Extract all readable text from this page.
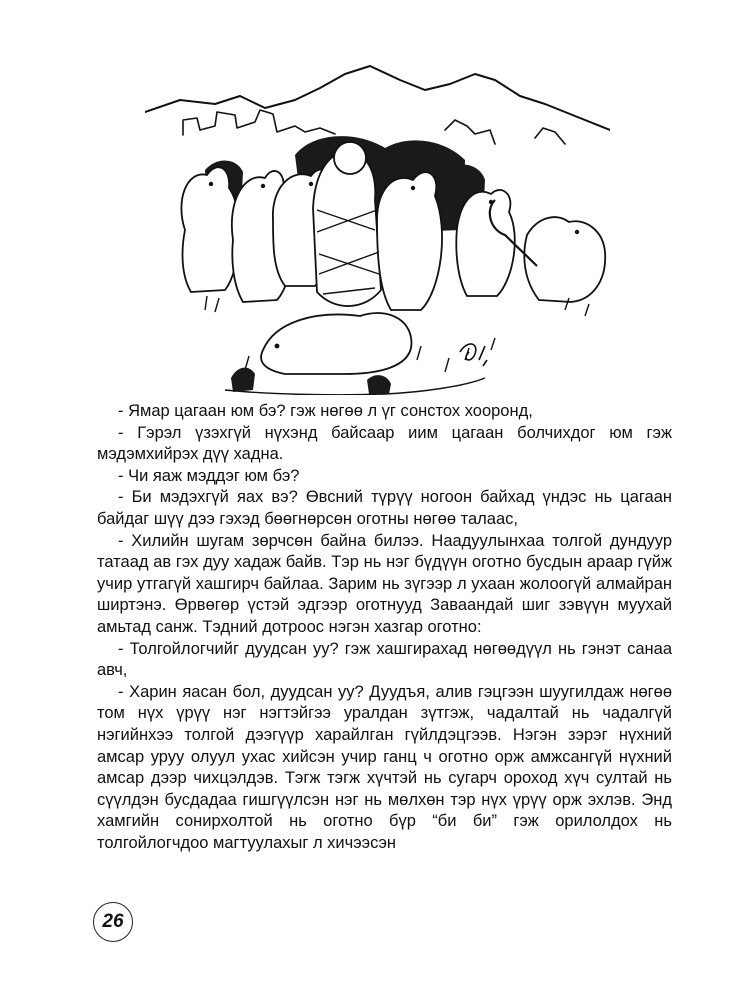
- Ямар цагаан юм бэ? гэж нөгөө л үг сонстох хооронд,

- Гэрэл үзэхгүй нүхэнд байсаар иим цагаан болчихдог юм гэж мэдэмхийрэх дүү хадна.

- Чи яаж мэддэг юм бэ?

- Би мэдэхгүй яах вэ? Өвсний түрүү ногоон байхад үндэс нь цагаан байдаг шүү дээ гэхэд бөөгнөрсөн оготны нөгөө талаас,

- Хилийн шугам зөрчсөн байна билээ. Наадуулынхаа толгой дундуур татаад ав гэх дуу хадаж байв. Тэр нь нэг бүдүүн оготно бусдын араар гүйж учир утгагүй хашгирч байлаа. Зарим нь зүгээр л ухаан жолоогүй алмайран ширтэнэ. Өрвөгөр үстэй эдгээр оготнууд Заваандай шиг зэвүүн муухай амьтад санж. Тэдний дотроос нэгэн хазгар оготно:

- Толгойлогчийг дуудсан уу? гэж хашгирахад нөгөөдүүл нь гэнэт санаа авч,

- Харин яасан бол, дуудсан уу? Дуудъя, алив гэцгээн шуугилдаж нөгөө том нүх үрүү нэг нэгтэйгээ уралдан зүтгэж, чадалтай нь чадалгүй нэгийнхээ толгой дээгүүр харайлган гүйлдэцгээв. Нэгэн зэрэг нүхний амсар уруу олуул ухас хийсэн учир ганц ч оготно орж амжсангүй нүхний амсар дээр чихцэлдэв. Тэгж тэгж хүчтэй нь сугарч ороход хүч султай нь сүүлдэн бусдадаа гишгүүлсэн нэг нь мөлхөн тэр нүх үрүү орж эхлэв. Энд хамгийн сонирхолтой нь оготно бүр “би би” гэж орилолдох нь толгойлогчдоо магтуулахыг л хичээсэн

26
